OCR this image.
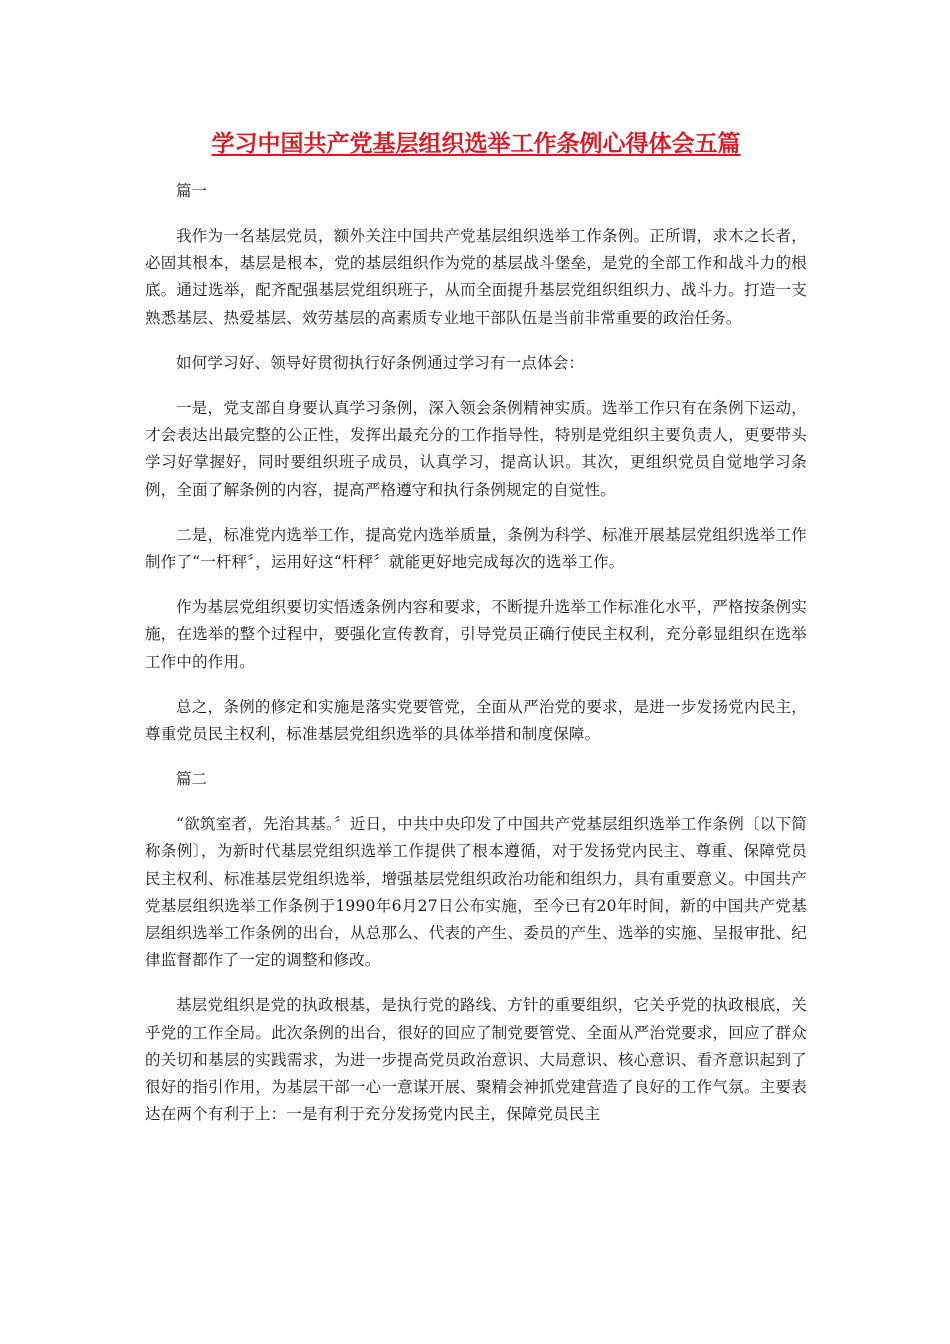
学习中国共产党基层组织选举工作条例心得体会五篇

篇一

我作为一名基层党员，额外关注中国共产党基层组织选举工作条例。正所谓，求木之长者，必固其根本，基层是根本，党的基层组织作为党的基层战斗堡垒，是党的全部工作和战斗力的根底。通过选举，配齐配强基层党组织班子，从而全面提升基层党组织组织力、战斗力。打造一支熟悉基层、热爱基层、效劳基层的高素质专业地干部队伍是当前非常重要的政治任务。

如何学习好、领导好贯彻执行好条例通过学习有一点体会：

一是，党支部自身要认真学习条例，深入领会条例精神实质。选举工作只有在条例下运动，才会表达出最完整的公正性，发挥出最充分的工作指导性，特别是党组织主要负责人，更要带头学习好掌握好，同时要组织班子成员，认真学习，提高认识。其次，更组织党员自觉地学习条例，全面了解条例的内容，提高严格遵守和执行条例规定的自觉性。

二是，标准党内选举工作，提高党内选举质量，条例为科学、标准开展基层党组织选举工作制作了“一杆秤〞，运用好这“杆秤〞就能更好地完成每次的选举工作。

作为基层党组织要切实悟透条例内容和要求，不断提升选举工作标准化水平，严格按条例实施，在选举的整个过程中，要强化宣传教育，引导党员正确行使民主权利，充分彰显组织在选举工作中的作用。

总之，条例的修定和实施是落实党要管党，全面从严治党的要求，是进一步发扬党内民主，尊重党员民主权利，标准基层党组织选举的具体举措和制度保障。

篇二

“欲筑室者，先治其基。〞近日，中共中央印发了中国共产党基层组织选举工作条例〔以下简称条例〕，为新时代基层党组织选举工作提供了根本遵循，对于发扬党内民主、尊重、保障党员民主权利、标准基层党组织选举，增强基层党组织政治功能和组织力，具有重要意义。中国共产党基层组织选举工作条例于1990年6月27日公布实施，至今已有20年时间，新的中国共产党基层组织选举工作条例的出台，从总那么、代表的产生、委员的产生、选举的实施、呈报审批、纪律监督都作了一定的调整和修改。

基层党组织是党的执政根基，是执行党的路线、方针的重要组织，它关乎党的执政根底，关乎党的工作全局。此次条例的出台，很好的回应了制党要管党、全面从严治党要求，回应了群众的关切和基层的实践需求，为进一步提高党员政治意识、大局意识、核心意识、看齐意识起到了很好的指引作用，为基层干部一心一意谋开展、聚精会神抓党建营造了良好的工作气氛。主要表达在两个有利于上：一是有利于充分发扬党内民主，保障党员民主
